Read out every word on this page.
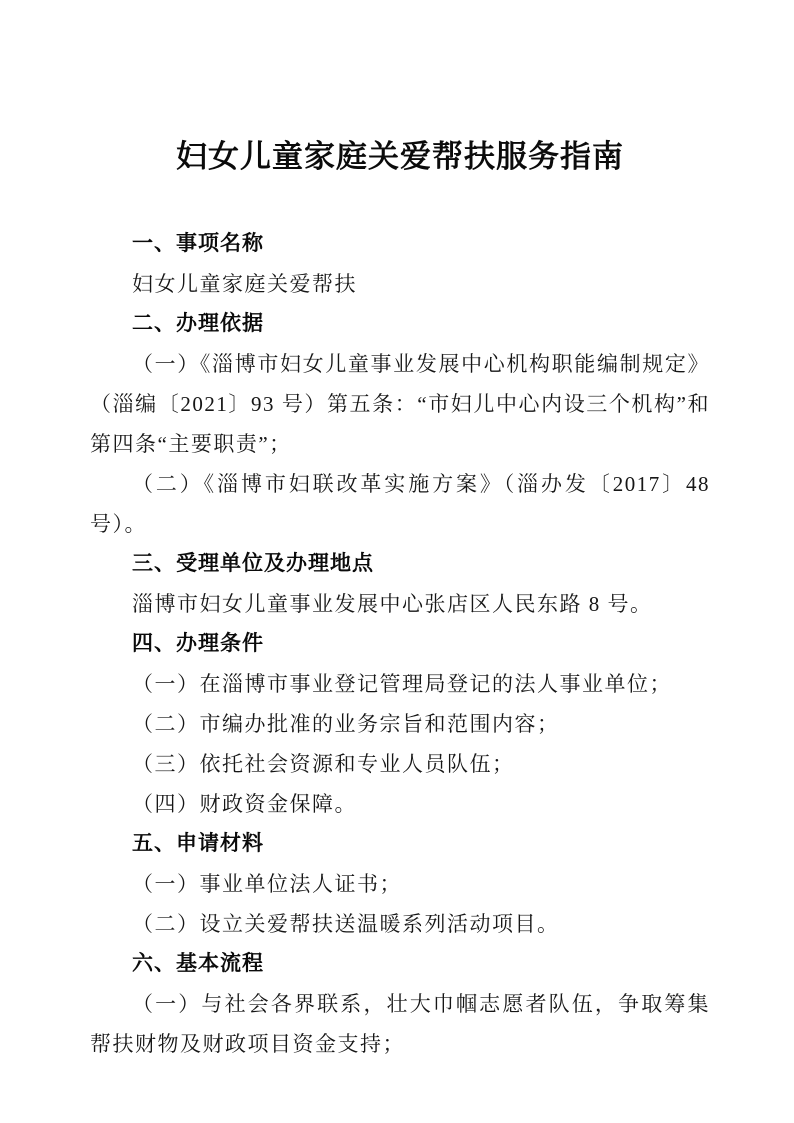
妇女儿童家庭关爱帮扶服务指南
一、事项名称

妇女儿童家庭关爱帮扶

二、办理依据

（一）《淄博市妇女儿童事业发展中心机构职能编制规定》（淄编〔2021〕93 号）第五条：“市妇儿中心内设三个机构”和第四条“主要职责”；

（二）《淄博市妇联改革实施方案》（淄办发〔2017〕48 号）。

三、受理单位及办理地点

淄博市妇女儿童事业发展中心张店区人民东路 8 号。

四、办理条件

（一）在淄博市事业登记管理局登记的法人事业单位；

（二）市编办批准的业务宗旨和范围内容；

（三）依托社会资源和专业人员队伍；

（四）财政资金保障。

五、申请材料

（一）事业单位法人证书；

（二）设立关爱帮扶送温暖系列活动项目。

六、基本流程

（一）与社会各界联系，壮大巾帼志愿者队伍，争取筹集帮扶财物及财政项目资金支持；
